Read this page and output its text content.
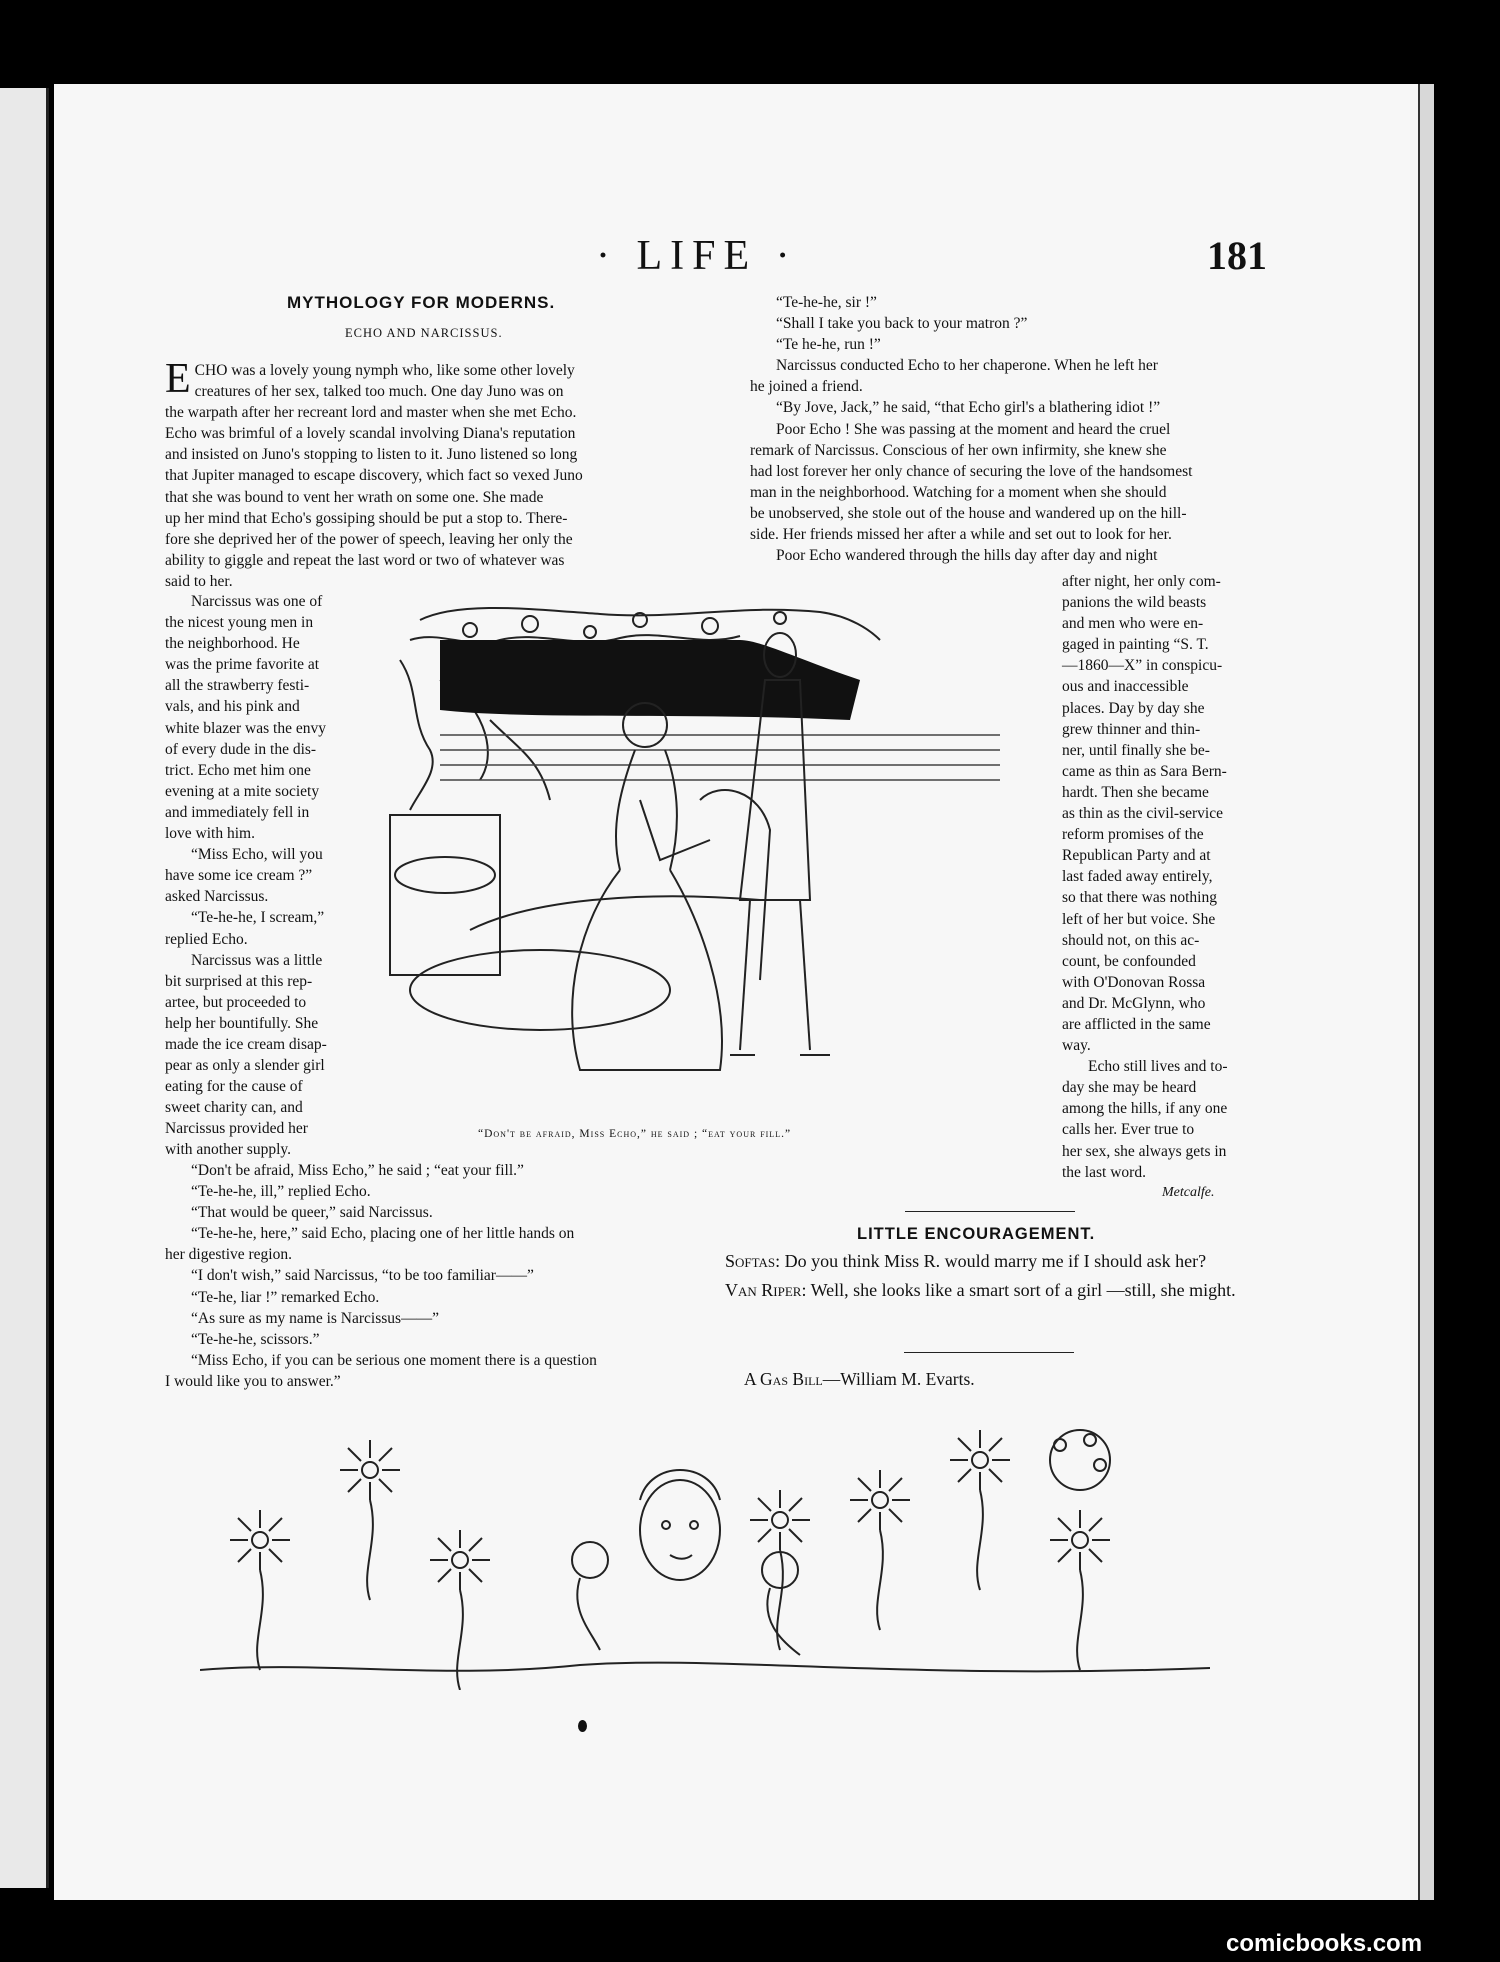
· LIFE ·	181
MYTHOLOGY FOR MODERNS.
ECHO AND NARCISSUS.
E CHO was a lovely young nymph who, like some other lovely
creatures of her sex, talked too much. One day Juno was on
the warpath after her recreant lord and master when she met Echo.
Echo was brimful of a lovely scandal involving Diana's reputation
and insisted on Juno's stopping to listen to it. Juno listened so long
that Jupiter managed to escape discovery, which fact so vexed Juno
that she was bound to vent her wrath on some one. She made
up her mind that Echo's gossiping should be put a stop to. There-
fore she deprived her of the power of speech, leaving her only the
ability to giggle and repeat the last word or two of whatever was
said to her.
Narcissus was one of
the nicest young men in
the neighborhood. He
was the prime favorite at
all the strawberry festi-
vals, and his pink and
white blazer was the envy
of every dude in the dis-
trict. Echo met him one
evening at a mite society
and immediately fell in
love with him.
“Miss Echo, will you
have some ice cream ?”
asked Narcissus.
“Te-he-he, I scream,”
replied Echo.
Narcissus was a little
bit surprised at this rep-
artee, but proceeded to
help her bountifully. She
made the ice cream disap-
pear as only a slender girl
eating for the cause of
sweet charity can, and
Narcissus provided her
with another supply.
“Don't be afraid, Miss Echo,” he said ; “eat your fill.”
“Te-he-he, ill,” replied Echo.
“That would be queer,” said Narcissus.
“Te-he-he, here,” said Echo, placing one of her little hands on
her digestive region.
“I don't wish,” said Narcissus, “to be too familiar——”
“Te-he, liar !” remarked Echo.
“As sure as my name is Narcissus——”
“Te-he-he, scissors.”
“Miss Echo, if you can be serious one moment there is a question
I would like you to answer.”
“Te-he-he, sir !”
“Shall I take you back to your matron ?”
“Te he-he, run !”
Narcissus conducted Echo to her chaperone. When he left her
he joined a friend.
“By Jove, Jack,” he said, “that Echo girl's a blathering idiot !”
Poor Echo ! She was passing at the moment and heard the cruel
remark of Narcissus. Conscious of her own infirmity, she knew she
had lost forever her only chance of securing the love of the handsomest
man in the neighborhood. Watching for a moment when she should
be unobserved, she stole out of the house and wandered up on the hill-
side. Her friends missed her after a while and set out to look for her.
Poor Echo wandered through the hills day after day and night
after night, her only com-
panions the wild beasts
and men who were en-
gaged in painting “S. T.
—1860—X” in conspicu-
ous and inaccessible
places. Day by day she
grew thinner and thin-
ner, until finally she be-
came as thin as Sara Bern-
hardt. Then she became
as thin as the civil-service
reform promises of the
Republican Party and at
last faded away entirely,
so that there was nothing
left of her but voice. She
should not, on this ac-
count, be confounded
with O'Donovan Rossa
and Dr. McGlynn, who
are afflicted in the same
way.
Echo still lives and to-
day she may be heard
among the hills, if any one
calls her. Ever true to
her sex, she always gets in
the last word.
“Don't be afraid, Miss Echo,” he said ; “eat your fill.”
Metcalfe.
LITTLE ENCOURAGEMENT.
Softas: Do you think Miss R. would marry me if I should ask her?
Van Riper: Well, she looks like a smart sort of a girl —still, she might.
A Gas Bill—William M. Evarts.
comicbooks.com
